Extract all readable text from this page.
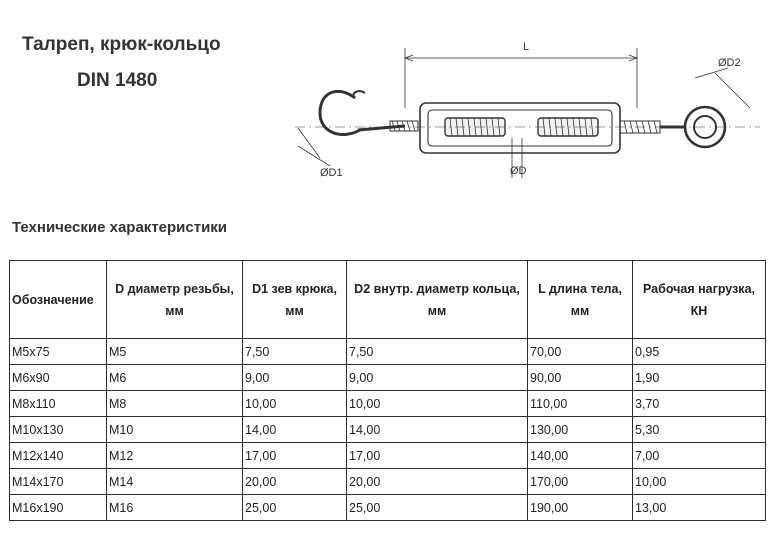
Талреп, крюк-кольцо
DIN 1480
L
ØD2
ØD1	ØD
Технические характеристики
Обозначение	D диаметр резьбы, мм	D1 зев крюка, мм	D2 внутр. диаметр кольца, мм	L длина тела, мм	Рабочая нагрузка, КН
M5x75	M5	7,50	7,50	70,00	0,95
M6x90	M6	9,00	9,00	90,00	1,90
M8x110	M8	10,00	10,00	110,00	3,70
M10x130	M10	14,00	14,00	130,00	5,30
M12x140	M12	17,00	17,00	140,00	7,00
M14x170	M14	20,00	20,00	170,00	10,00
M16x190	M16	25,00	25,00	190,00	13,00
